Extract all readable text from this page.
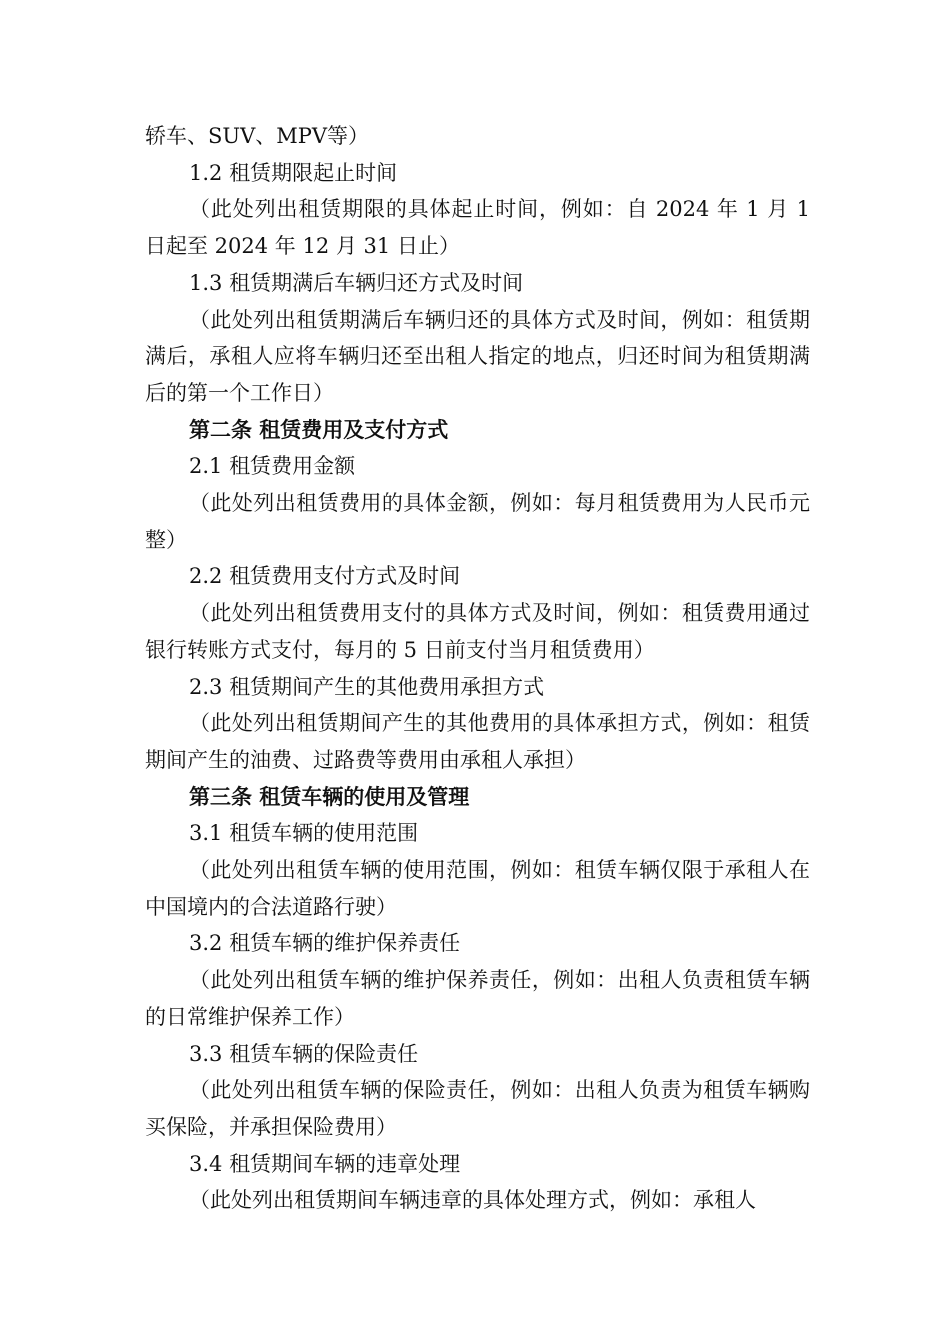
轿车、SUV、MPV等）

1.2 租赁期限起止时间

（此处列出租赁期限的具体起止时间，例如：自 2024 年 1 月 1 日起至 2024 年 12 月 31 日止）

1.3 租赁期满后车辆归还方式及时间

（此处列出租赁期满后车辆归还的具体方式及时间，例如：租赁期满后，承租人应将车辆归还至出租人指定的地点，归还时间为租赁期满后的第一个工作日）

第二条 租赁费用及支付方式

2.1 租赁费用金额

（此处列出租赁费用的具体金额，例如：每月租赁费用为人民币元整）

2.2 租赁费用支付方式及时间

（此处列出租赁费用支付的具体方式及时间，例如：租赁费用通过银行转账方式支付，每月的 5 日前支付当月租赁费用）

2.3 租赁期间产生的其他费用承担方式

（此处列出租赁期间产生的其他费用的具体承担方式，例如：租赁期间产生的油费、过路费等费用由承租人承担）

第三条 租赁车辆的使用及管理

3.1 租赁车辆的使用范围

（此处列出租赁车辆的使用范围，例如：租赁车辆仅限于承租人在中国境内的合法道路行驶）

3.2 租赁车辆的维护保养责任

（此处列出租赁车辆的维护保养责任，例如：出租人负责租赁车辆的日常维护保养工作）

3.3 租赁车辆的保险责任

（此处列出租赁车辆的保险责任，例如：出租人负责为租赁车辆购买保险，并承担保险费用）

3.4 租赁期间车辆的违章处理

（此处列出租赁期间车辆违章的具体处理方式，例如：承租人
